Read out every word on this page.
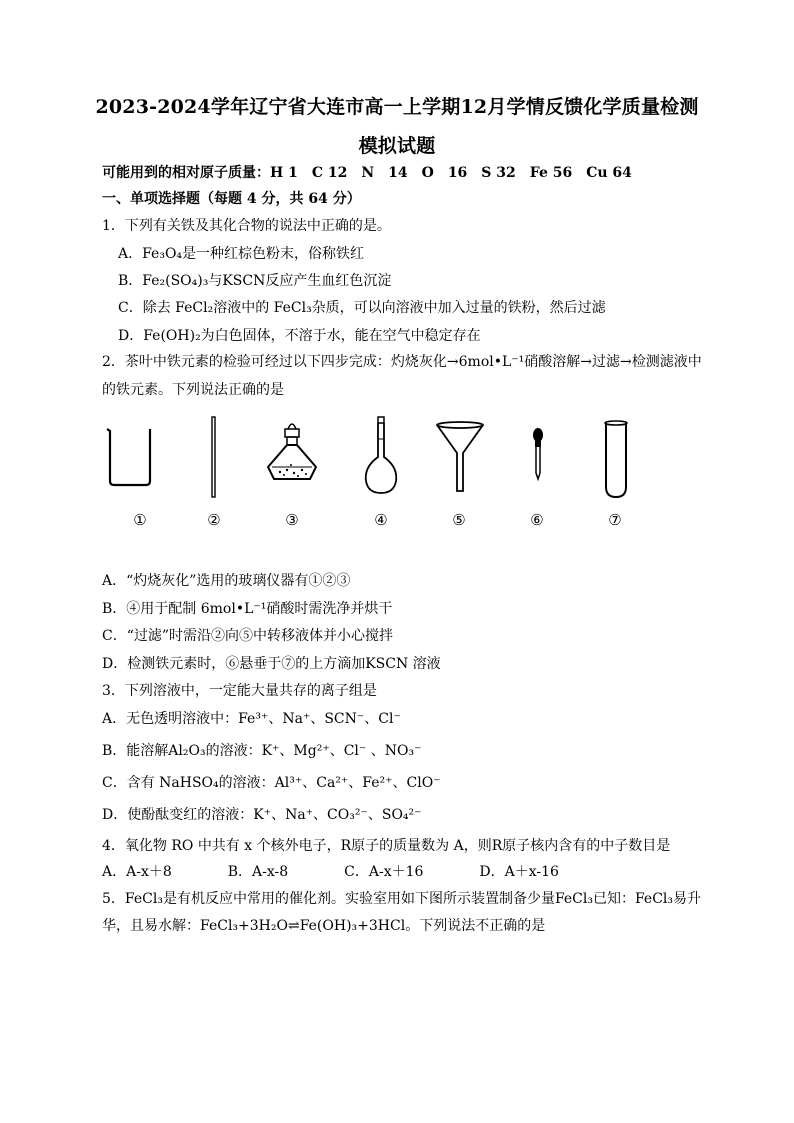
2023-2024学年辽宁省大连市高一上学期12月学情反馈化学质量检测
模拟试题
可能用到的相对原子质量：H 1　C 12　N　14　O　16　S 32　Fe 56　Cu 64
一、单项选择题（每题 4 分，共 64 分）
1．下列有关铁及其化合物的说法中正确的是。
A．Fe₃O₄是一种红棕色粉末，俗称铁红
B．Fe₂(SO₄)₃与KSCN反应产生血红色沉淀
C．除去 FeCl₂溶液中的 FeCl₃杂质，可以向溶液中加入过量的铁粉，然后过滤
D．Fe(OH)₂为白色固体，不溶于水，能在空气中稳定存在
2．茶叶中铁元素的检验可经过以下四步完成：灼烧灰化→6mol•L⁻¹硝酸溶解→过滤→检测滤液中
的铁元素。下列说法正确的是
①	②	③	④	⑤	⑥	⑦
A．“灼烧灰化”选用的玻璃仪器有①②③
B．④用于配制 6mol•L⁻¹硝酸时需洗净并烘干
C．“过滤”时需沿②向⑤中转移液体并小心搅拌
D．检测铁元素时，⑥悬垂于⑦的上方滴加KSCN 溶液
3．下列溶液中，一定能大量共存的离子组是
A．无色透明溶液中：Fe³⁺、Na⁺、SCN⁻、Cl⁻
B．能溶解Al₂O₃的溶液：K⁺、Mg²⁺、Cl⁻ 、NO₃⁻
C．含有 NaHSO₄的溶液：Al³⁺、Ca²⁺、Fe²⁺、ClO⁻
D．使酚酞变红的溶液：K⁺、Na⁺、CO₃²⁻、SO₄²⁻
4．氧化物 RO 中共有 x 个核外电子，R原子的质量数为 A，则R原子核内含有的中子数目是
A．A-x＋8　　　　B．A-x-8　　　　C．A-x＋16　　　　D．A＋x-16
5．FeCl₃是有机反应中常用的催化剂。实验室用如下图所示装置制备少量FeCl₃已知：FeCl₃易升
华，且易水解：FeCl₃+3H₂O⇌Fe(OH)₃+3HCl。下列说法不正确的是
